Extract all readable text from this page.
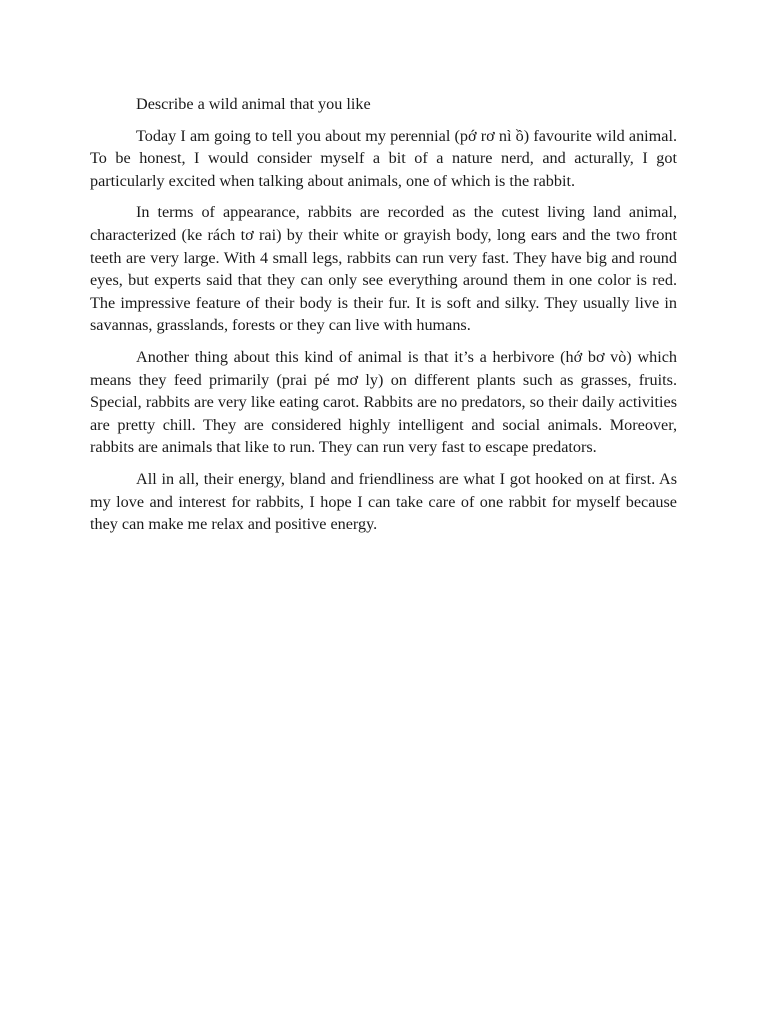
Describe a wild animal that you like

Today I am going to tell you about my perennial (pớ rơ nì ồ) favourite wild animal. To be honest, I would consider myself a bit of a nature nerd, and acturally, I got particularly excited when talking about animals, one of which is the rabbit.

In terms of appearance, rabbits are recorded as the cutest living land animal, characterized (ke rách tơ rai) by their white or grayish body, long ears and the two front teeth are very large. With 4 small legs, rabbits can run very fast. They have big and round eyes, but experts said that they can only see everything around them in one color is red. The impressive feature of their body is their fur. It is soft and silky. They usually live in savannas, grasslands, forests or they can live with humans.

Another thing about this kind of animal is that it’s a herbivore (hớ bơ vò) which means they feed primarily (prai pé mơ ly) on different plants such as grasses, fruits. Special, rabbits are very like eating carot. Rabbits are no predators, so their daily activities are pretty chill. They are considered highly intelligent and social animals. Moreover, rabbits are animals that like to run. They can run very fast to escape predators.

All in all, their energy, bland and friendliness are what I got hooked on at first. As my love and interest for rabbits, I hope I can take care of one rabbit for myself because they can make me relax and positive energy.
